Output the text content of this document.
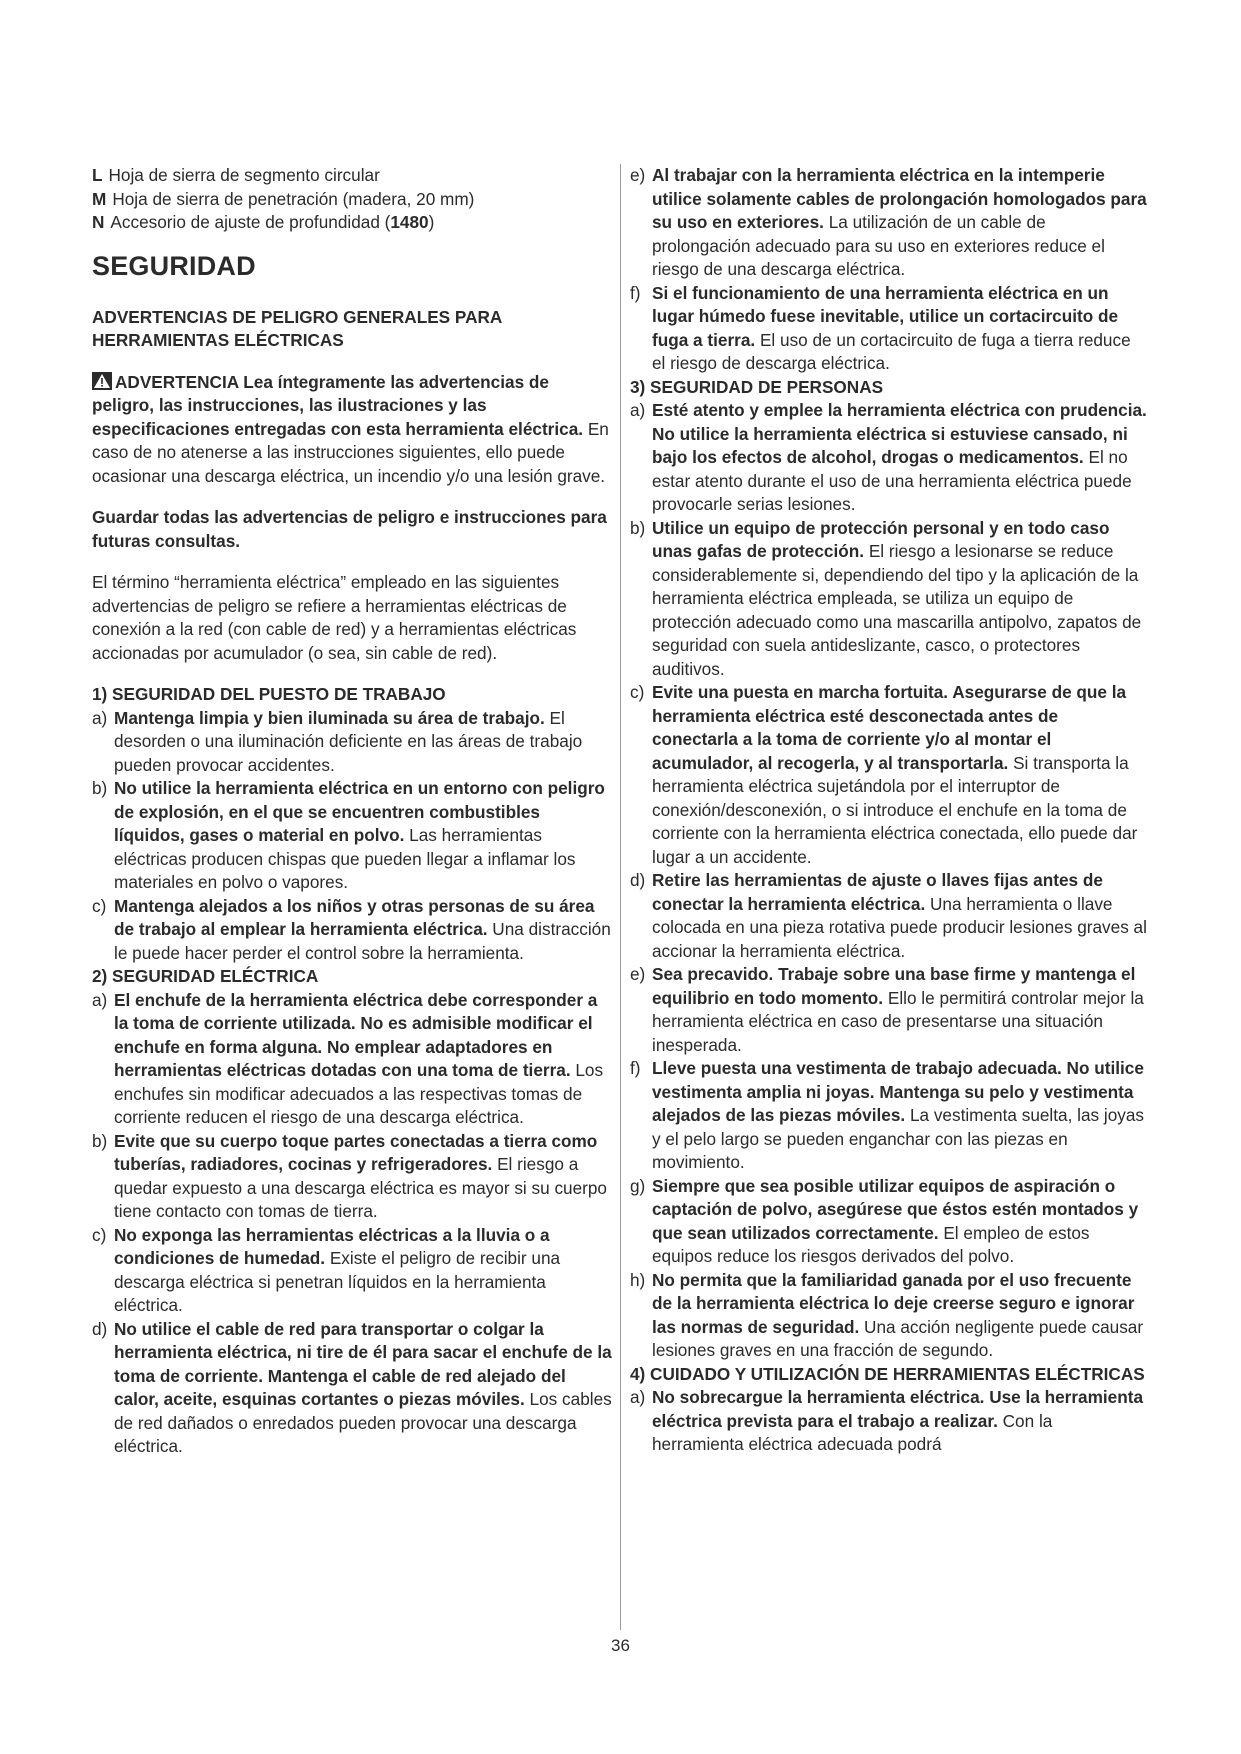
L Hoja de sierra de segmento circular
M Hoja de sierra de penetración (madera, 20 mm)
N Accesorio de ajuste de profundidad (1480)
SEGURIDAD
ADVERTENCIAS DE PELIGRO GENERALES PARA HERRAMIENTAS ELÉCTRICAS
ADVERTENCIA Lea íntegramente las advertencias de peligro, las instrucciones, las ilustraciones y las especificaciones entregadas con esta herramienta eléctrica. En caso de no atenerse a las instrucciones siguientes, ello puede ocasionar una descarga eléctrica, un incendio y/o una lesión grave.
Guardar todas las advertencias de peligro e instrucciones para futuras consultas.
El término “herramienta eléctrica” empleado en las siguientes advertencias de peligro se refiere a herramientas eléctricas de conexión a la red (con cable de red) y a herramientas eléctricas accionadas por acumulador (o sea, sin cable de red).
1) SEGURIDAD DEL PUESTO DE TRABAJO
a) Mantenga limpia y bien iluminada su área de trabajo. El desorden o una iluminación deficiente en las áreas de trabajo pueden provocar accidentes.
b) No utilice la herramienta eléctrica en un entorno con peligro de explosión, en el que se encuentren combustibles líquidos, gases o material en polvo. Las herramientas eléctricas producen chispas que pueden llegar a inflamar los materiales en polvo o vapores.
c) Mantenga alejados a los niños y otras personas de su área de trabajo al emplear la herramienta eléctrica. Una distracción le puede hacer perder el control sobre la herramienta.
2) SEGURIDAD ELÉCTRICA
a) El enchufe de la herramienta eléctrica debe corresponder a la toma de corriente utilizada. No es admisible modificar el enchufe en forma alguna. No emplear adaptadores en herramientas eléctricas dotadas con una toma de tierra. Los enchufes sin modificar adecuados a las respectivas tomas de corriente reducen el riesgo de una descarga eléctrica.
b) Evite que su cuerpo toque partes conectadas a tierra como tuberías, radiadores, cocinas y refrigeradores. El riesgo a quedar expuesto a una descarga eléctrica es mayor si su cuerpo tiene contacto con tomas de tierra.
c) No exponga las herramientas eléctricas a la lluvia o a condiciones de humedad. Existe el peligro de recibir una descarga eléctrica si penetran líquidos en la herramienta eléctrica.
d) No utilice el cable de red para transportar o colgar la herramienta eléctrica, ni tire de él para sacar el enchufe de la toma de corriente. Mantenga el cable de red alejado del calor, aceite, esquinas cortantes o piezas móviles. Los cables de red dañados o enredados pueden provocar una descarga eléctrica.
e) Al trabajar con la herramienta eléctrica en la intemperie utilice solamente cables de prolongación homologados para su uso en exteriores. La utilización de un cable de prolongación adecuado para su uso en exteriores reduce el riesgo de una descarga eléctrica.
f) Si el funcionamiento de una herramienta eléctrica en un lugar húmedo fuese inevitable, utilice un cortacircuito de fuga a tierra. El uso de un cortacircuito de fuga a tierra reduce el riesgo de descarga eléctrica.
3) SEGURIDAD DE PERSONAS
a) Esté atento y emplee la herramienta eléctrica con prudencia. No utilice la herramienta eléctrica si estuviese cansado, ni bajo los efectos de alcohol, drogas o medicamentos. El no estar atento durante el uso de una herramienta eléctrica puede provocarle serias lesiones.
b) Utilice un equipo de protección personal y en todo caso unas gafas de protección. El riesgo a lesionarse se reduce considerablemente si, dependiendo del tipo y la aplicación de la herramienta eléctrica empleada, se utiliza un equipo de protección adecuado como una mascarilla antipolvo, zapatos de seguridad con suela antideslizante, casco, o protectores auditivos.
c) Evite una puesta en marcha fortuita. Asegurarse de que la herramienta eléctrica esté desconectada antes de conectarla a la toma de corriente y/o al montar el acumulador, al recogerla, y al transportarla. Si transporta la herramienta eléctrica sujetándola por el interruptor de conexión/desconexión, o si introduce el enchufe en la toma de corriente con la herramienta eléctrica conectada, ello puede dar lugar a un accidente.
d) Retire las herramientas de ajuste o llaves fijas antes de conectar la herramienta eléctrica. Una herramienta o llave colocada en una pieza rotativa puede producir lesiones graves al accionar la herramienta eléctrica.
e) Sea precavido. Trabaje sobre una base firme y mantenga el equilibrio en todo momento. Ello le permitirá controlar mejor la herramienta eléctrica en caso de presentarse una situación inesperada.
f) Lleve puesta una vestimenta de trabajo adecuada. No utilice vestimenta amplia ni joyas. Mantenga su pelo y vestimenta alejados de las piezas móviles. La vestimenta suelta, las joyas y el pelo largo se pueden enganchar con las piezas en movimiento.
g) Siempre que sea posible utilizar equipos de aspiración o captación de polvo, asegúrese que éstos estén montados y que sean utilizados correctamente. El empleo de estos equipos reduce los riesgos derivados del polvo.
h) No permita que la familiaridad ganada por el uso frecuente de la herramienta eléctrica lo deje creerse seguro e ignorar las normas de seguridad. Una acción negligente puede causar lesiones graves en una fracción de segundo.
4) CUIDADO Y UTILIZACIÓN DE HERRAMIENTAS ELÉCTRICAS
a) No sobrecargue la herramienta eléctrica. Use la herramienta eléctrica prevista para el trabajo a realizar. Con la herramienta eléctrica adecuada podrá
36
